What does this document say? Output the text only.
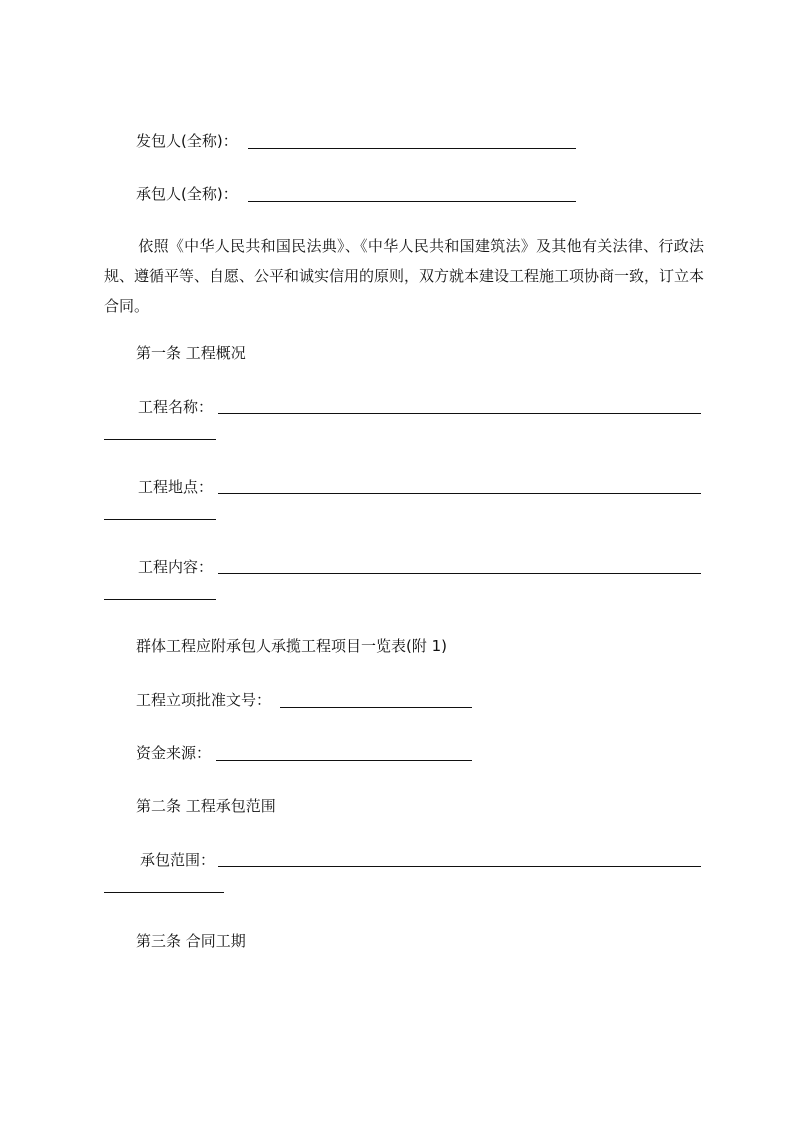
发包人(全称)：
承包人(全称)：
依照《中华人民共和国民法典》、《中华人民共和国建筑法》及其他有关法律、行政法规、遵循平等、自愿、公平和诚实信用的原则，双方就本建设工程施工项协商一致，订立本合同。
第一条 工程概况
工程名称：
工程地点：
工程内容：
群体工程应附承包人承揽工程项目一览表(附 1)
工程立项批准文号：
资金来源：
第二条 工程承包范围
承包范围：
第三条 合同工期
